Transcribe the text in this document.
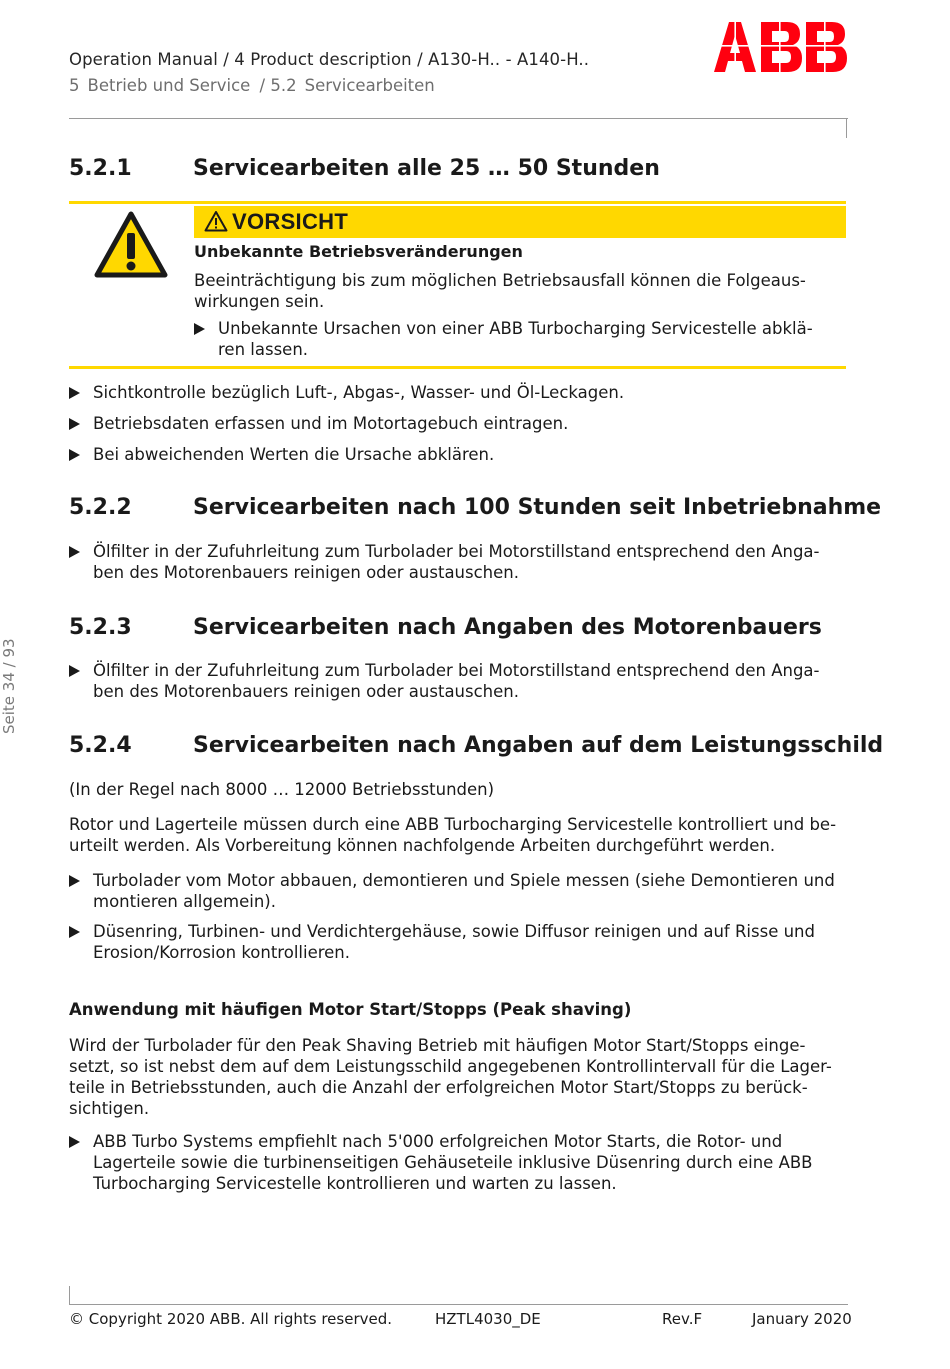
Operation Manual / 4 Product description / A130-H.. - A140-H..
5 Betrieb und Service / 5.2 Servicearbeiten
Seite 34 / 93
5.2.1	Servicearbeiten alle 25 … 50 Stunden
VORSICHT
Unbekannte Betriebsveränderungen
Beeinträchtigung bis zum möglichen Betriebsausfall können die Folgeaus-
wirkungen sein.
Unbekannte Ursachen von einer ABB Turbocharging Servicestelle abklä-
ren lassen.
Sichtkontrolle bezüglich Luft-, Abgas-, Wasser- und Öl-Leckagen.
Betriebsdaten erfassen und im Motortagebuch eintragen.
Bei abweichenden Werten die Ursache abklären.
5.2.2	Servicearbeiten nach 100 Stunden seit Inbetriebnahme
Ölfilter in der Zufuhrleitung zum Turbolader bei Motorstillstand entsprechend den Anga-
ben des Motorenbauers reinigen oder austauschen.
5.2.3	Servicearbeiten nach Angaben des Motorenbauers
Ölfilter in der Zufuhrleitung zum Turbolader bei Motorstillstand entsprechend den Anga-
ben des Motorenbauers reinigen oder austauschen.
5.2.4	Servicearbeiten nach Angaben auf dem Leistungsschild
(In der Regel nach 8000 … 12000 Betriebsstunden)
Rotor und Lagerteile müssen durch eine ABB Turbocharging Servicestelle kontrolliert und be-
urteilt werden. Als Vorbereitung können nachfolgende Arbeiten durchgeführt werden.
Turbolader vom Motor abbauen, demontieren und Spiele messen (siehe Demontieren und
montieren allgemein).
Düsenring, Turbinen- und Verdichtergehäuse, sowie Diffusor reinigen und auf Risse und
Erosion/Korrosion kontrollieren.
Anwendung mit häufigen Motor Start/Stopps (Peak shaving)
Wird der Turbolader für den Peak Shaving Betrieb mit häufigen Motor Start/Stopps einge-
setzt, so ist nebst dem auf dem Leistungsschild angegebenen Kontrollintervall für die Lager-
teile in Betriebsstunden, auch die Anzahl der erfolgreichen Motor Start/Stopps zu berück-
sichtigen.
ABB Turbo Systems empfiehlt nach 5'000 erfolgreichen Motor Starts, die Rotor- und
Lagerteile sowie die turbinenseitigen Gehäuseteile inklusive Düsenring durch eine ABB
Turbocharging Servicestelle kontrollieren und warten zu lassen.
© Copyright 2020 ABB. All rights reserved.	HZTL4030_DE	Rev.F	January 2020
